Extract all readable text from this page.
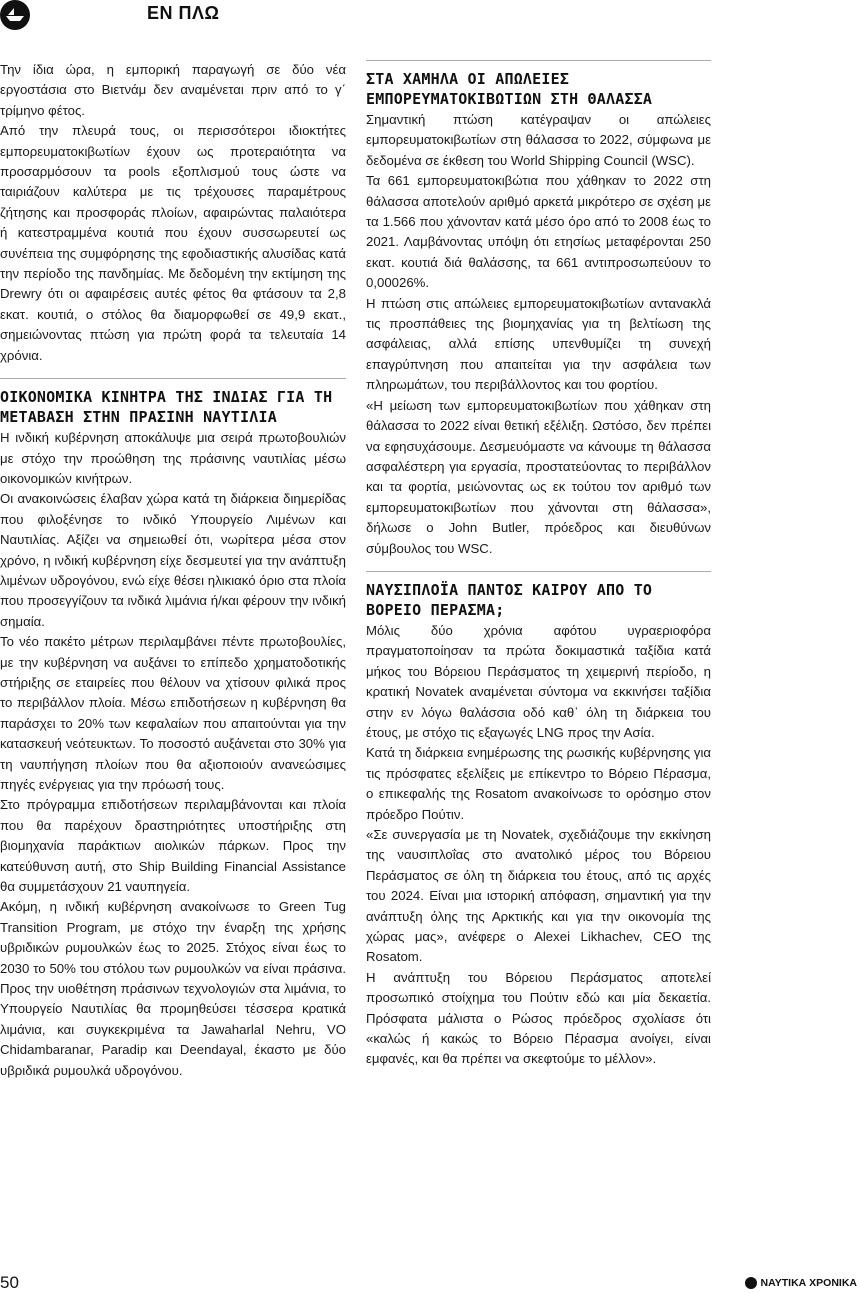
ΕΝ ΠΛΩ

Την ίδια ώρα, η εμπορική παραγωγή σε δύο νέα εργοστάσια στο Βιετνάμ δεν αναμένεται πριν από το γ΄ τρίμηνο φέτος.

Από την πλευρά τους, οι περισσότεροι ιδιοκτήτες εμπορευματοκιβωτίων έχουν ως προτεραιότητα να προσαρμόσουν τα pools εξοπλισμού τους ώστε να ταιριάζουν καλύτερα με τις τρέχουσες παραμέτρους ζήτησης και προσφοράς πλοίων, αφαιρώντας παλαιότερα ή κατεστραμμένα κουτιά που έχουν συσσωρευτεί ως συνέπεια της συμφόρησης της εφοδιαστικής αλυσίδας κατά την περίοδο της πανδημίας. Με δεδομένη την εκτίμηση της Drewry ότι οι αφαιρέσεις αυτές φέτος θα φτάσουν τα 2,8 εκατ. κουτιά, ο στόλος θα διαμορφωθεί σε 49,9 εκατ., σημειώνοντας πτώση για πρώτη φορά τα τελευταία 14 χρόνια.

ΟΙΚΟΝΟΜΙΚΑ ΚΙΝΗΤΡΑ ΤΗΣ ΙΝΔΙΑΣ ΓΙΑ ΤΗ ΜΕΤΑΒΑΣΗ ΣΤΗΝ ΠΡΑΣΙΝΗ ΝΑΥΤΙΛΙΑ

Η ινδική κυβέρνηση αποκάλυψε μια σειρά πρωτοβουλιών με στόχο την προώθηση της πράσινης ναυτιλίας μέσω οικονομικών κινήτρων.

Οι ανακοινώσεις έλαβαν χώρα κατά τη διάρκεια διημερίδας που φιλοξένησε το ινδικό Υπουργείο Λιμένων και Ναυτιλίας. Αξίζει να σημειωθεί ότι, νωρίτερα μέσα στον χρόνο, η ινδική κυβέρνηση είχε δεσμευτεί για την ανάπτυξη λιμένων υδρογόνου, ενώ είχε θέσει ηλικιακό όριο στα πλοία που προσεγγίζουν τα ινδικά λιμάνια ή/και φέρουν την ινδική σημαία.

Το νέο πακέτο μέτρων περιλαμβάνει πέντε πρωτοβουλίες, με την κυβέρνηση να αυξάνει το επίπεδο χρηματοδοτικής στήριξης σε εταιρείες που θέλουν να χτίσουν φιλικά προς το περιβάλλον πλοία. Μέσω επιδοτήσεων η κυβέρνηση θα παράσχει το 20% των κεφαλαίων που απαιτούνται για την κατασκευή νεότευκτων. Το ποσοστό αυξάνεται στο 30% για τη ναυπήγηση πλοίων που θα αξιοποιούν ανανεώσιμες πηγές ενέργειας για την πρόωσή τους.

Στο πρόγραμμα επιδοτήσεων περιλαμβάνονται και πλοία που θα παρέχουν δραστηριότητες υποστήριξης στη βιομηχανία παράκτιων αιολικών πάρκων. Προς την κατεύθυνση αυτή, στο Ship Building Financial Assistance θα συμμετάσχουν 21 ναυπηγεία.

Ακόμη, η ινδική κυβέρνηση ανακοίνωσε το Green Tug Transition Program, με στόχο την έναρξη της χρήσης υβριδικών ρυμουλκών έως το 2025. Στόχος είναι έως το 2030 το 50% του στόλου των ρυμουλκών να είναι πράσινα. Προς την υιοθέτηση πράσινων τεχνολογιών στα λιμάνια, το Υπουργείο Ναυτιλίας θα προμηθεύσει τέσσερα κρατικά λιμάνια, και συγκεκριμένα τα Jawaharlal Nehru, VO Chidambaranar, Paradip και Deendayal, έκαστο με δύο υβριδικά ρυμουλκά υδρογόνου.

ΣΤΑ ΧΑΜΗΛΑ ΟΙ ΑΠΩΛΕΙΕΣ ΕΜΠΟΡΕΥΜΑΤΟΚΙΒΩΤΙΩΝ ΣΤΗ ΘΑΛΑΣΣΑ

Σημαντική πτώση κατέγραψαν οι απώλειες εμπορευματοκιβωτίων στη θάλασσα το 2022, σύμφωνα με δεδομένα σε έκθεση του World Shipping Council (WSC).

Τα 661 εμπορευματοκιβώτια που χάθηκαν το 2022 στη θάλασσα αποτελούν αριθμό αρκετά μικρότερο σε σχέση με τα 1.566 που χάνονταν κατά μέσο όρο από το 2008 έως το 2021. Λαμβάνοντας υπόψη ότι ετησίως μεταφέρονται 250 εκατ. κουτιά διά θαλάσσης, τα 661 αντιπροσωπεύουν το 0,00026%.

Η πτώση στις απώλειες εμπορευματοκιβωτίων αντανακλά τις προσπάθειες της βιομηχανίας για τη βελτίωση της ασφάλειας, αλλά επίσης υπενθυμίζει τη συνεχή επαγρύπνηση που απαιτείται για την ασφάλεια των πληρωμάτων, του περιβάλλοντος και του φορτίου.

«Η μείωση των εμπορευματοκιβωτίων που χάθηκαν στη θάλασσα το 2022 είναι θετική εξέλιξη. Ωστόσο, δεν πρέπει να εφησυχάσουμε. Δεσμευόμαστε να κάνουμε τη θάλασσα ασφαλέστερη για εργασία, προστατεύοντας το περιβάλλον και τα φορτία, μειώνοντας ως εκ τούτου τον αριθμό των εμπορευματοκιβωτίων που χάνονται στη θάλασσα», δήλωσε ο John Butler, πρόεδρος και διευθύνων σύμβουλος του WSC.

ΝΑΥΣΙΠΛΟΪΑ ΠΑΝΤΟΣ ΚΑΙΡΟΥ ΑΠΟ ΤΟ ΒΟΡΕΙΟ ΠΕΡΑΣΜΑ;

Μόλις δύο χρόνια αφότου υγραεριοφόρα πραγματοποίησαν τα πρώτα δοκιμαστικά ταξίδια κατά μήκος του Βόρειου Περάσματος τη χειμερινή περίοδο, η κρατική Novatek αναμένεται σύντομα να εκκινήσει ταξίδια στην εν λόγω θαλάσσια οδό καθ᾽ όλη τη διάρκεια του έτους, με στόχο τις εξαγωγές LNG προς την Ασία.

Κατά τη διάρκεια ενημέρωσης της ρωσικής κυβέρνησης για τις πρόσφατες εξελίξεις με επίκεντρο το Βόρειο Πέρασμα, ο επικεφαλής της Rosatom ανακοίνωσε το ορόσημο στον πρόεδρο Πούτιν.

«Σε συνεργασία με τη Novatek, σχεδιάζουμε την εκκίνηση της ναυσιπλοΐας στο ανατολικό μέρος του Βόρειου Περάσματος σε όλη τη διάρκεια του έτους, από τις αρχές του 2024. Είναι μια ιστορική απόφαση, σημαντική για την ανάπτυξη όλης της Αρκτικής και για την οικονομία της χώρας μας», ανέφερε ο Alexei Likhachev, CEO της Rosatom.

Η ανάπτυξη του Βόρειου Περάσματος αποτελεί προσωπικό στοίχημα του Πούτιν εδώ και μία δεκαετία. Πρόσφατα μάλιστα ο Ρώσος πρόεδρος σχολίασε ότι «καλώς ή κακώς το Βόρειο Πέρασμα ανοίγει, είναι εμφανές, και θα πρέπει να σκεφτούμε το μέλλον».

50	ΝΑΥΤΙΚΑ ΧΡΟΝΙΚΑ
